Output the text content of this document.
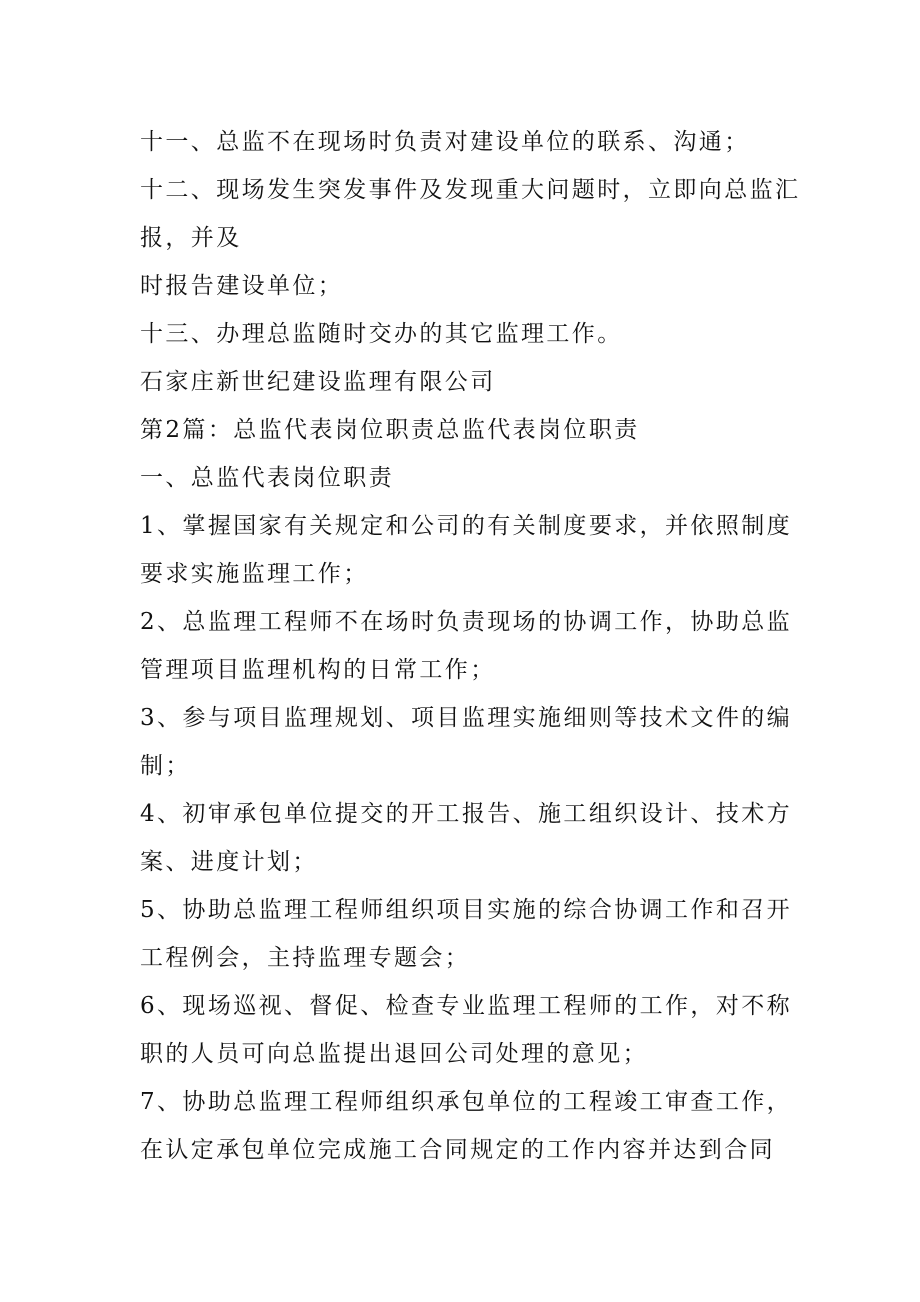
十一、总监不在现场时负责对建设单位的联系、沟通；
十二、现场发生突发事件及发现重大问题时，立即向总监汇
报，并及
时报告建设单位；
十三、办理总监随时交办的其它监理工作。
石家庄新世纪建设监理有限公司
第2篇：总监代表岗位职责总监代表岗位职责
一、总监代表岗位职责
1、掌握国家有关规定和公司的有关制度要求，并依照制度
要求实施监理工作；
2、总监理工程师不在场时负责现场的协调工作，协助总监
管理项目监理机构的日常工作；
3、参与项目监理规划、项目监理实施细则等技术文件的编
制；
4、初审承包单位提交的开工报告、施工组织设计、技术方
案、进度计划；
5、协助总监理工程师组织项目实施的综合协调工作和召开
工程例会，主持监理专题会；
6、现场巡视、督促、检查专业监理工程师的工作，对不称
职的人员可向总监提出退回公司处理的意见；
7、协助总监理工程师组织承包单位的工程竣工审查工作，
在认定承包单位完成施工合同规定的工作内容并达到合同
